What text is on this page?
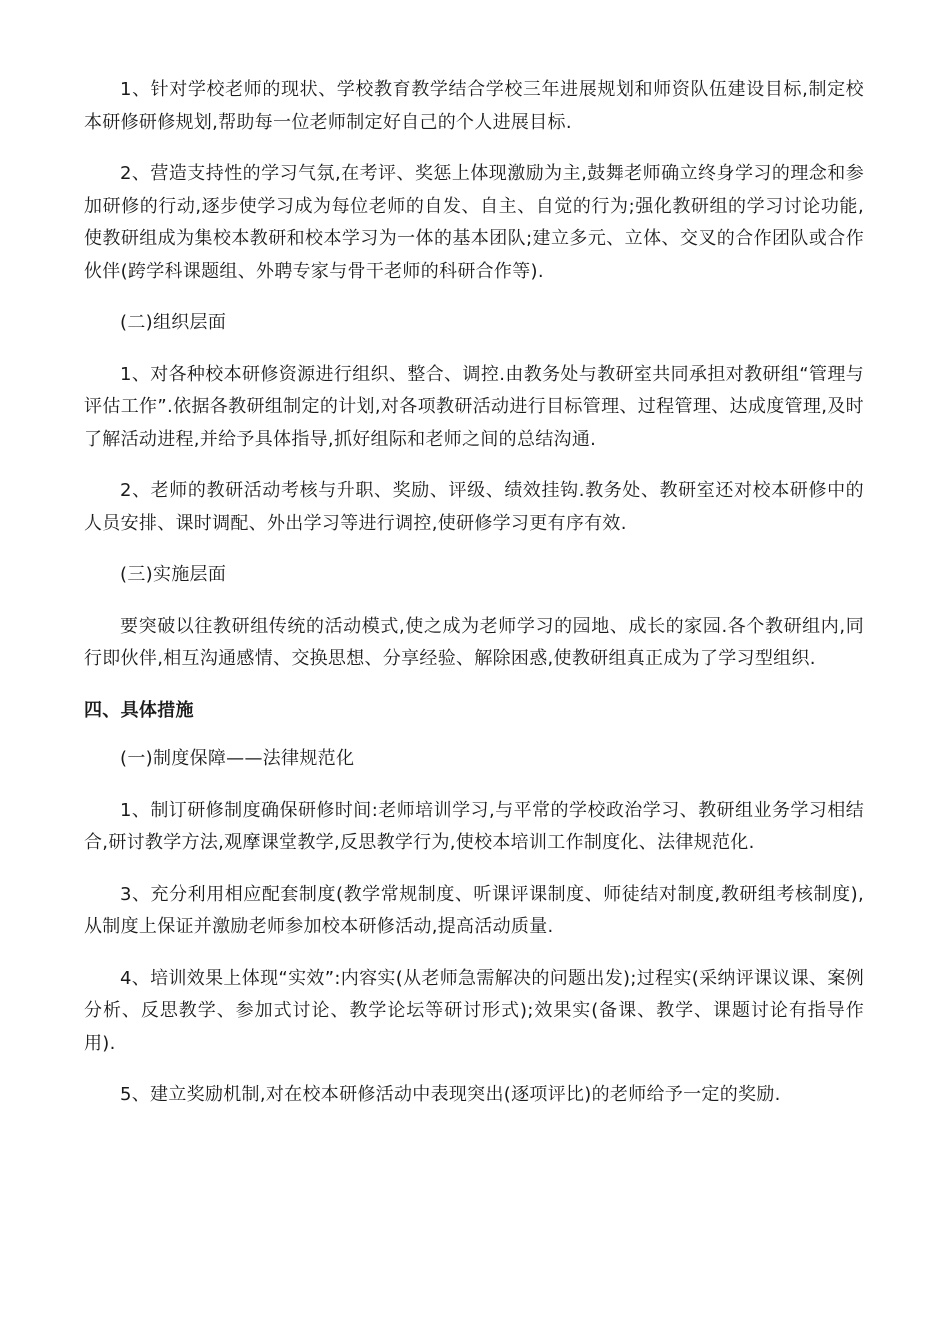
1、针对学校老师的现状、学校教育教学结合学校三年进展规划和师资队伍建设目标,制定校本研修研修规划,帮助每一位老师制定好自己的个人进展目标.

2、营造支持性的学习气氛,在考评、奖惩上体现激励为主,鼓舞老师确立终身学习的理念和参加研修的行动,逐步使学习成为每位老师的自发、自主、自觉的行为;强化教研组的学习讨论功能,使教研组成为集校本教研和校本学习为一体的基本团队;建立多元、立体、交叉的合作团队或合作伙伴(跨学科课题组、外聘专家与骨干老师的科研合作等).

(二)组织层面

1、对各种校本研修资源进行组织、整合、调控.由教务处与教研室共同承担对教研组“管理与评估工作”.依据各教研组制定的计划,对各项教研活动进行目标管理、过程管理、达成度管理,及时了解活动进程,并给予具体指导,抓好组际和老师之间的总结沟通.

2、老师的教研活动考核与升职、奖励、评级、绩效挂钩.教务处、教研室还对校本研修中的人员安排、课时调配、外出学习等进行调控,使研修学习更有序有效.

(三)实施层面

要突破以往教研组传统的活动模式,使之成为老师学习的园地、成长的家园.各个教研组内,同行即伙伴,相互沟通感情、交换思想、分享经验、解除困惑,使教研组真正成为了学习型组织.

四、具体措施

(一)制度保障——法律规范化

1、制订研修制度确保研修时间:老师培训学习,与平常的学校政治学习、教研组业务学习相结合,研讨教学方法,观摩课堂教学,反思教学行为,使校本培训工作制度化、法律规范化.

3、充分利用相应配套制度(教学常规制度、听课评课制度、师徒结对制度,教研组考核制度),从制度上保证并激励老师参加校本研修活动,提高活动质量.

4、培训效果上体现“实效”:内容实(从老师急需解决的问题出发);过程实(采纳评课议课、案例分析、反思教学、参加式讨论、教学论坛等研讨形式);效果实(备课、教学、课题讨论有指导作用).

5、建立奖励机制,对在校本研修活动中表现突出(逐项评比)的老师给予一定的奖励.
